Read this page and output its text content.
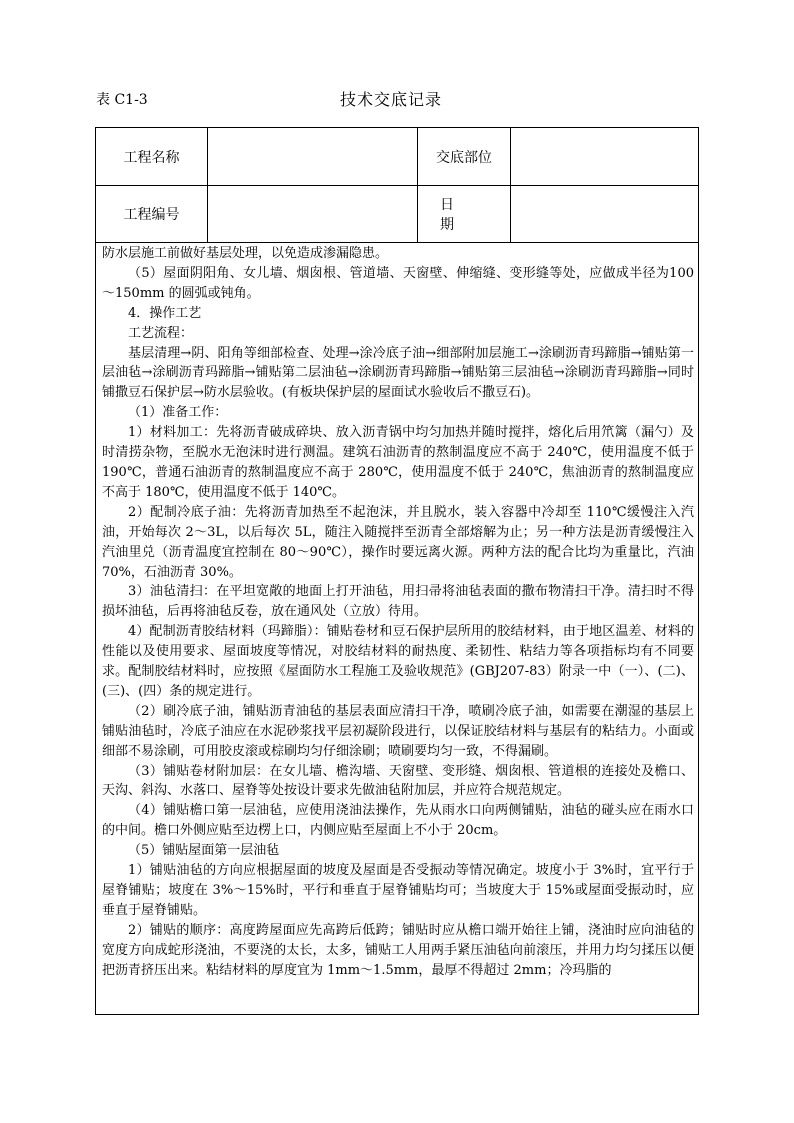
表 C1-3	技术交底记录
工程名称	交底部位
工程编号
日 期

防水层施工前做好基层处理，以免造成渗漏隐患。

（5）屋面阴阳角、女儿墙、烟囱根、管道墙、天窗壁、伸缩缝、变形缝等处，应做成半径为100～150mm 的圆弧或钝角。

4．操作工艺

工艺流程：

基层清理→阴、阳角等细部检查、处理→涂冷底子油→细部附加层施工→涂刷沥青玛蹄脂→铺贴第一层油毡→涂刷沥青玛蹄脂→铺贴第二层油毡→涂刷沥青玛蹄脂→铺贴第三层油毡→涂刷沥青玛蹄脂→同时铺撒豆石保护层→防水层验收。(有板块保护层的屋面试水验收后不撒豆石)。

（1）准备工作：

1）材料加工：先将沥青破成碎块、放入沥青锅中均匀加热并随时搅拌，熔化后用笊篱（漏勺）及时清捞杂物，至脱水无泡沫时进行测温。建筑石油沥青的熬制温度应不高于 240℃，使用温度不低于 190℃，普通石油沥青的熬制温度应不高于 280℃，使用温度不低于 240℃，焦油沥青的熬制温度应不高于 180℃，使用温度不低于 140℃。

2）配制冷底子油：先将沥青加热至不起泡沫，并且脱水，装入容器中冷却至 110℃缓慢注入汽油，开始每次 2～3L，以后每次 5L，随注入随搅拌至沥青全部熔解为止；另一种方法是沥青缓慢注入汽油里兑（沥青温度宜控制在 80～90℃），操作时要远离火源。两种方法的配合比均为重量比，汽油 70%，石油沥青 30%。

3）油毡清扫：在平坦宽敞的地面上打开油毡，用扫帚将油毡表面的撒布物清扫干净。清扫时不得损坏油毡，后再将油毡反卷，放在通风处（立放）待用。

4）配制沥青胶结材料（玛蹄脂）：铺贴卷材和豆石保护层所用的胶结材料，由于地区温差、材料的性能以及使用要求、屋面坡度等情况，对胶结材料的耐热度、柔韧性、粘结力等各项指标均有不同要求。配制胶结材料时，应按照《屋面防水工程施工及验收规范》(GBJ207-83）附录一中（一）、(二)、(三)、(四）条的规定进行。

（2）刷冷底子油，铺贴沥青油毡的基层表面应清扫干净，喷刷冷底子油，如需要在潮湿的基层上铺贴油毡时，冷底子油应在水泥砂浆找平层初凝阶段进行，以保证胶结材料与基层有的粘结力。小面或细部不易涂刷，可用胶皮滚或棕刷均匀仔细涂刷；喷刷要均匀一致，不得漏刷。

（3）铺贴卷材附加层：在女儿墙、檐沟墙、天窗壁、变形缝、烟囱根、管道根的连接处及檐口、天沟、斜沟、水落口、屋脊等处按设计要求先做油毡附加层，并应符合规范规定。

（4）铺贴檐口第一层油毡，应使用浇油法操作，先从雨水口向两侧铺贴，油毡的碰头应在雨水口的中间。檐口外侧应贴至边楞上口，内侧应贴至屋面上不小于 20cm。

（5）铺贴屋面第一层油毡

1）铺贴油毡的方向应根据屋面的坡度及屋面是否受振动等情况确定。坡度小于 3%时，宜平行于屋脊铺贴；坡度在 3%～15%时，平行和垂直于屋脊铺贴均可；当坡度大于 15%或屋面受振动时，应垂直于屋脊铺贴。

2）铺贴的顺序：高度跨屋面应先高跨后低跨；铺贴时应从檐口端开始往上铺，浇油时应向油毡的宽度方向成蛇形浇油，不要浇的太长，太多，铺贴工人用两手紧压油毡向前滚压，并用力均匀揉压以便把沥青挤压出来。粘结材料的厚度宜为 1mm～1.5mm，最厚不得超过 2mm；冷玛脂的
